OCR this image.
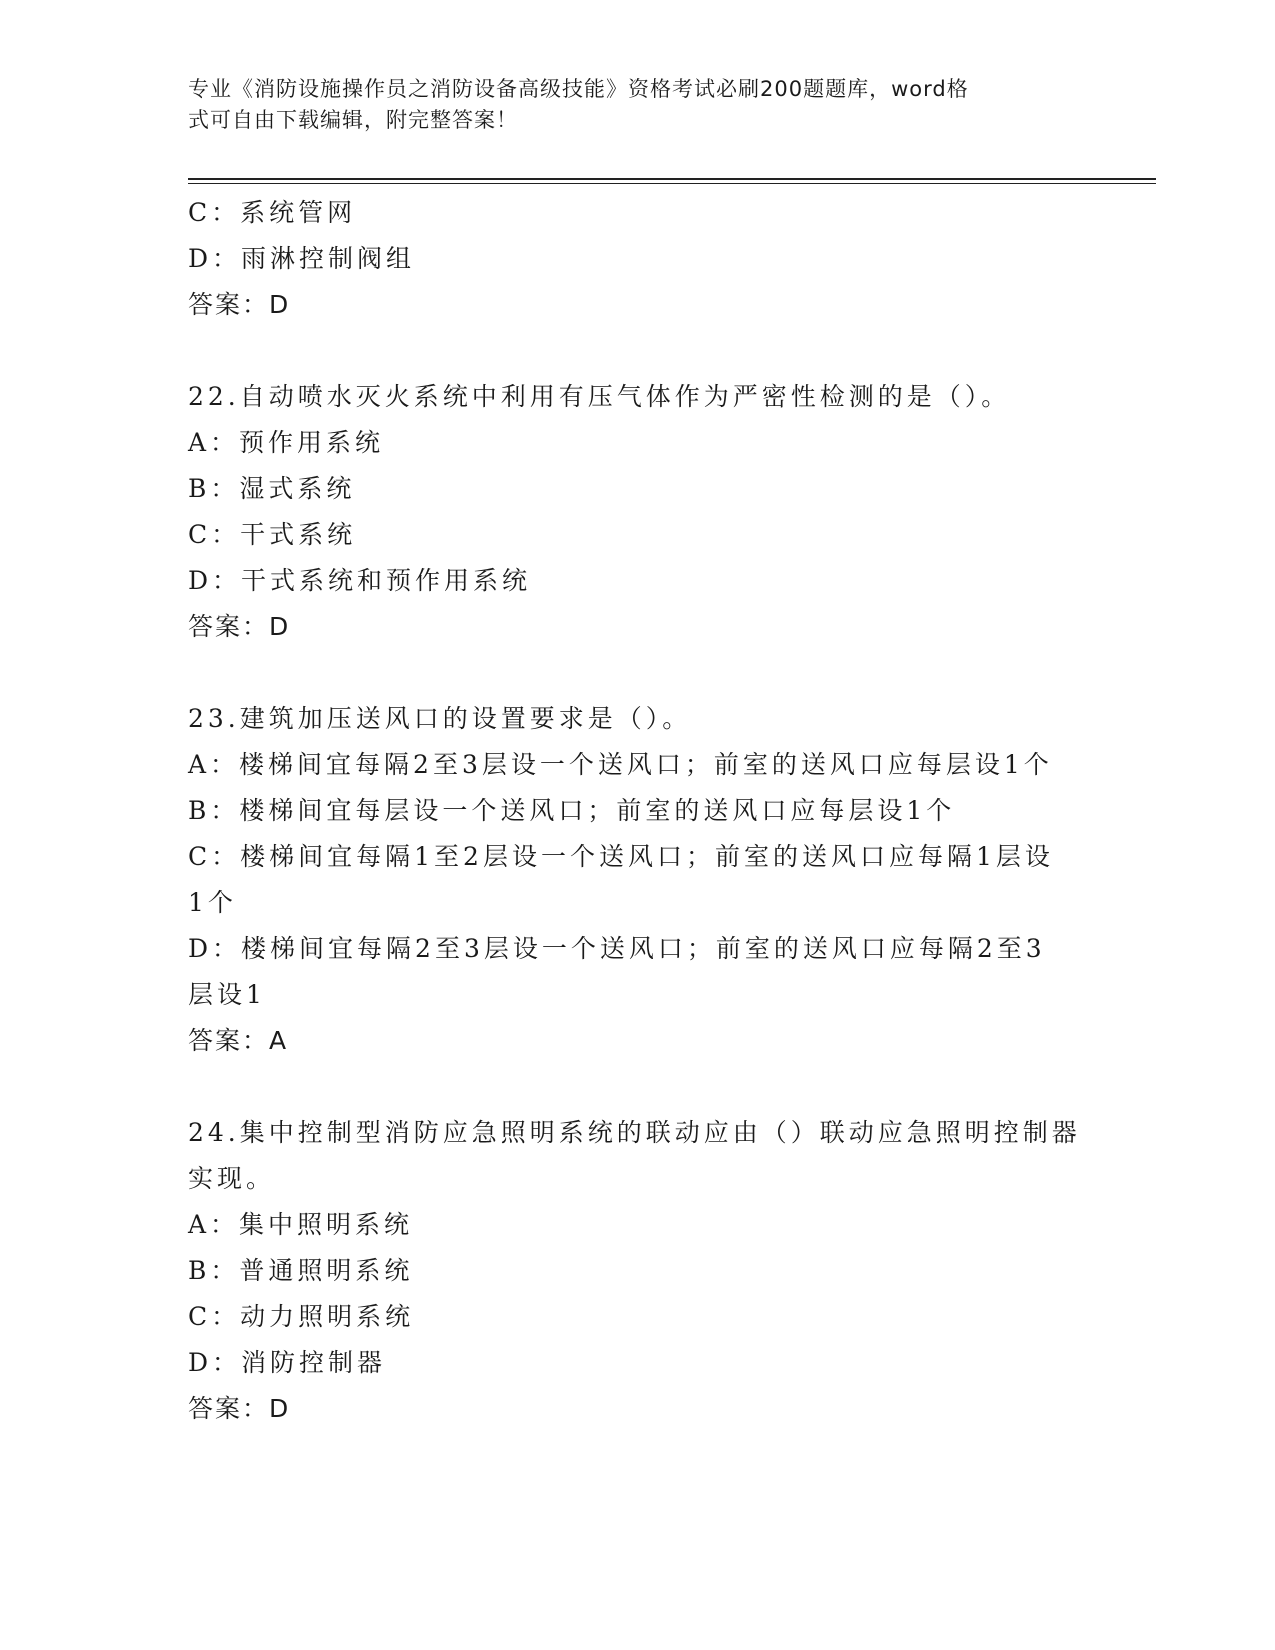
专业《消防设施操作员之消防设备高级技能》资格考试必刷200题题库，word格
式可自由下载编辑，附完整答案！
C：系统管网
D：雨淋控制阀组
答案：D
22.自动喷水灭火系统中利用有压气体作为严密性检测的是（）。
A：预作用系统
B：湿式系统
C：干式系统
D：干式系统和预作用系统
答案：D
23.建筑加压送风口的设置要求是（）。
A：楼梯间宜每隔2至3层设一个送风口；前室的送风口应每层设1个
B：楼梯间宜每层设一个送风口；前室的送风口应每层设1个
C：楼梯间宜每隔1至2层设一个送风口；前室的送风口应每隔1层设
1个
D：楼梯间宜每隔2至3层设一个送风口；前室的送风口应每隔2至3
层设1
答案：A
24.集中控制型消防应急照明系统的联动应由（）联动应急照明控制器
实现。
A：集中照明系统
B：普通照明系统
C：动力照明系统
D：消防控制器
答案：D
